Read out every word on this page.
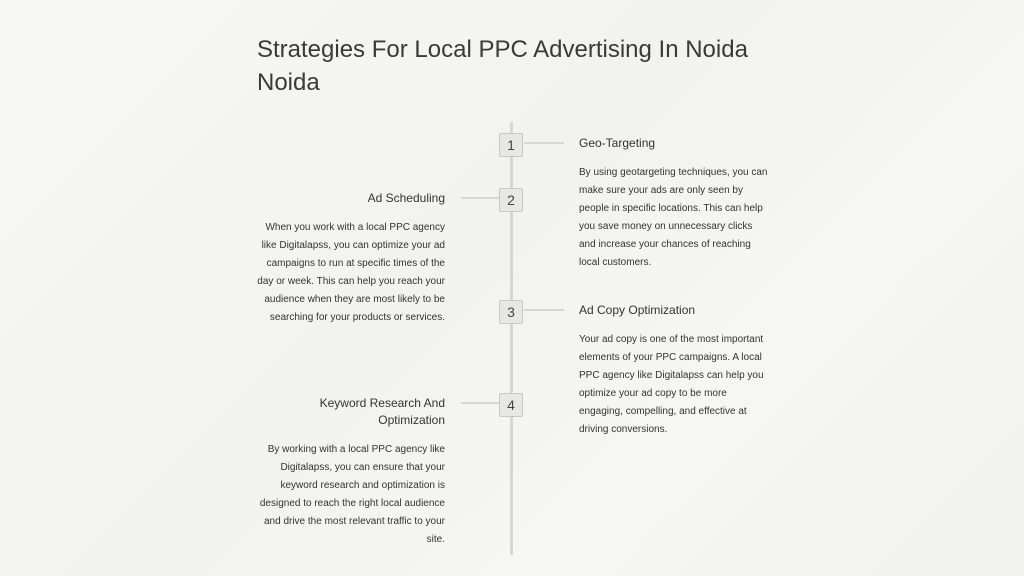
Strategies For Local PPC Advertising In Noida Noida
1	Geo-Targeting
By using geotargeting techniques, you can make sure your ads are only seen by people in specific locations. This can help you save money on unnecessary clicks and increase your chances of reaching local customers.
2
Ad Scheduling
When you work with a local PPC agency like Digitalapss, you can optimize your ad campaigns to run at specific times of the day or week. This can help you reach your audience when they are most likely to be searching for your products or services.	3	Ad Copy Optimization
Your ad copy is one of the most important elements of your PPC campaigns. A local PPC agency like Digitalapss can help you optimize your ad copy to be more engaging, compelling, and effective at driving conversions.
4
Keyword Research And Optimization
By working with a local PPC agency like Digitalapss, you can ensure that your keyword research and optimization is designed to reach the right local audience and drive the most relevant traffic to your site.
